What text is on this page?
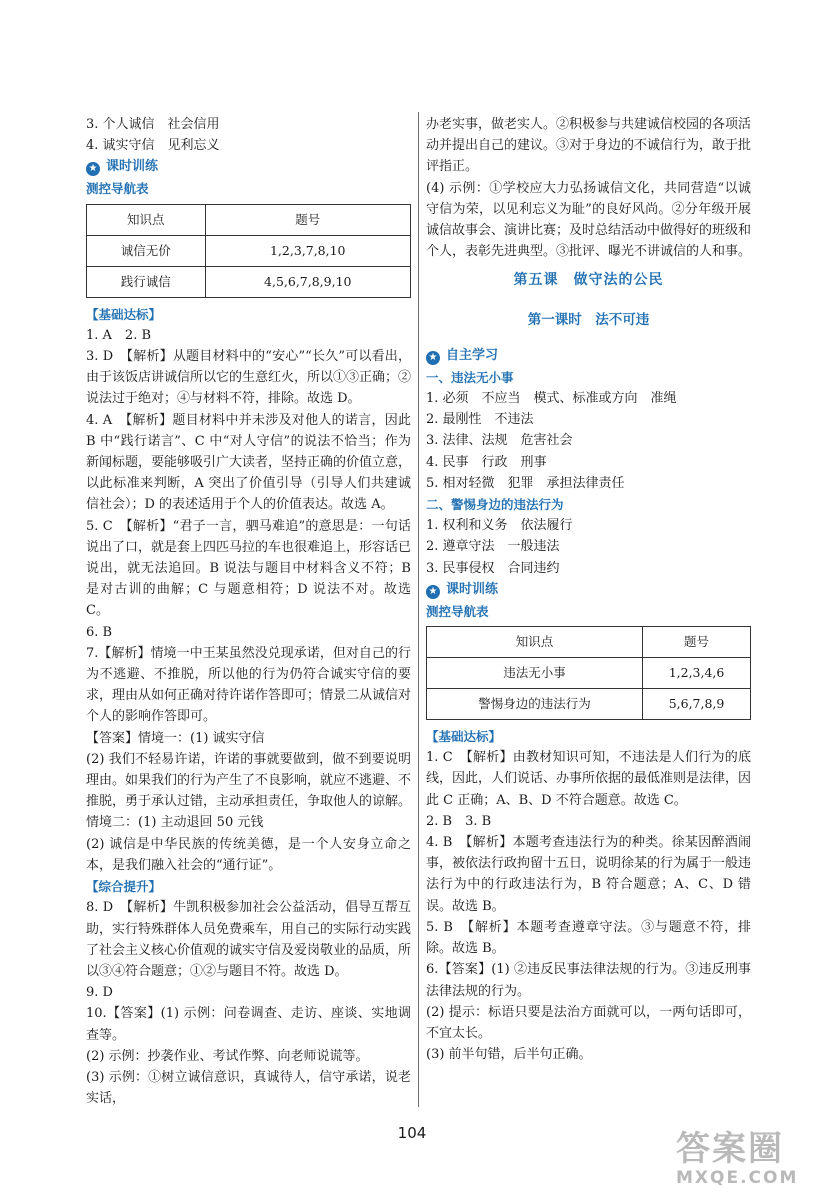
3. 个人诚信　社会信用

4. 诚实守信　见利忘义

★ 课时训练
测控导航表
知识点	题号
诚信无价	1,2,3,7,8,10
践行诚信	4,5,6,7,8,9,10
【基础达标】

1. A　2. B

3. D　【解析】从题目材料中的“安心”“长久”可以看出，由于该饭店讲诚信所以它的生意红火，所以①③正确；②说法过于绝对；④与材料不符，排除。故选 D。

4. A　【解析】题目材料中并未涉及对他人的诺言，因此 B 中“践行诺言”、C 中“对人守信”的说法不恰当；作为新闻标题，要能够吸引广大读者，坚持正确的价值立意，以此标准来判断，A 突出了价值引导（引导人们共建诚信社会）；D 的表述适用于个人的价值表达。故选 A。

5. C　【解析】“君子一言，驷马难追”的意思是：一句话说出了口，就是套上四匹马拉的车也很难追上，形容话已说出，就无法追回。B 说法与题目中材料含义不符；B 是对古训的曲解；C 与题意相符；D 说法不对。故选 C。

6. B

7.【解析】情境一中王某虽然没兑现承诺，但对自己的行为不逃避、不推脱，所以他的行为仍符合诚实守信的要求，理由从如何正确对待许诺作答即可；情景二从诚信对个人的影响作答即可。

【答案】情境一：(1) 诚实守信

(2) 我们不轻易许诺，许诺的事就要做到，做不到要说明理由。如果我们的行为产生了不良影响，就应不逃避、不推脱，勇于承认过错，主动承担责任，争取他人的谅解。

情境二：(1) 主动退回 50 元钱

(2) 诚信是中华民族的传统美德，是一个人安身立命之本，是我们融入社会的“通行证”。

【综合提升】

8. D　【解析】牛凯积极参加社会公益活动，倡导互帮互助，实行特殊群体人员免费乘车，用自己的实际行动实践了社会主义核心价值观的诚实守信及爱岗敬业的品质，所以③④符合题意；①②与题目不符。故选 D。

9. D

10.【答案】(1) 示例：问卷调查、走访、座谈、实地调查等。

(2) 示例：抄袭作业、考试作弊、向老师说谎等。

(3) 示例：①树立诚信意识，真诚待人，信守承诺，说老实话，

办老实事，做老实人。②积极参与共建诚信校园的各项活动并提出自己的建议。③对于身边的不诚信行为，敢于批评指正。

(4) 示例：①学校应大力弘扬诚信文化，共同营造“以诚守信为荣，以见利忘义为耻”的良好风尚。②分年级开展诚信故事会、演讲比赛；及时总结活动中做得好的班级和个人，表彰先进典型。③批评、曝光不讲诚信的人和事。

第五课　做守法的公民
第一课时　法不可违
★ 自主学习
一、违法无小事

1. 必须　不应当　模式、标准或方向　准绳

2. 最刚性　不违法

3. 法律、法规　危害社会

4. 民事　行政　刑事

5. 相对轻微　犯罪　承担法律责任

二、警惕身边的违法行为

1. 权利和义务　依法履行

2. 遵章守法　一般违法

3. 民事侵权　合同违约

★ 课时训练
测控导航表
知识点	题号
违法无小事	1,2,3,4,6
警惕身边的违法行为	5,6,7,8,9
【基础达标】

1. C　【解析】由教材知识可知，不违法是人们行为的底线，因此，人们说话、办事所依据的最低准则是法律，因此 C 正确；A、B、D 不符合题意。故选 C。

2. B　3. B

4. B　【解析】本题考查违法行为的种类。徐某因醉酒闹事，被依法行政拘留十五日，说明徐某的行为属于一般违法行为中的行政违法行为，B 符合题意；A、C、D 错误。故选 B。

5. B　【解析】本题考查遵章守法。③与题意不符，排除。故选 B。

6.【答案】(1) ②违反民事法律法规的行为。③违反刑事法律法规的行为。

(2) 提示：标语只要是法治方面就可以，一两句话即可，不宜太长。

(3) 前半句错，后半句正确。

104	答案圈
MXQE.COM
